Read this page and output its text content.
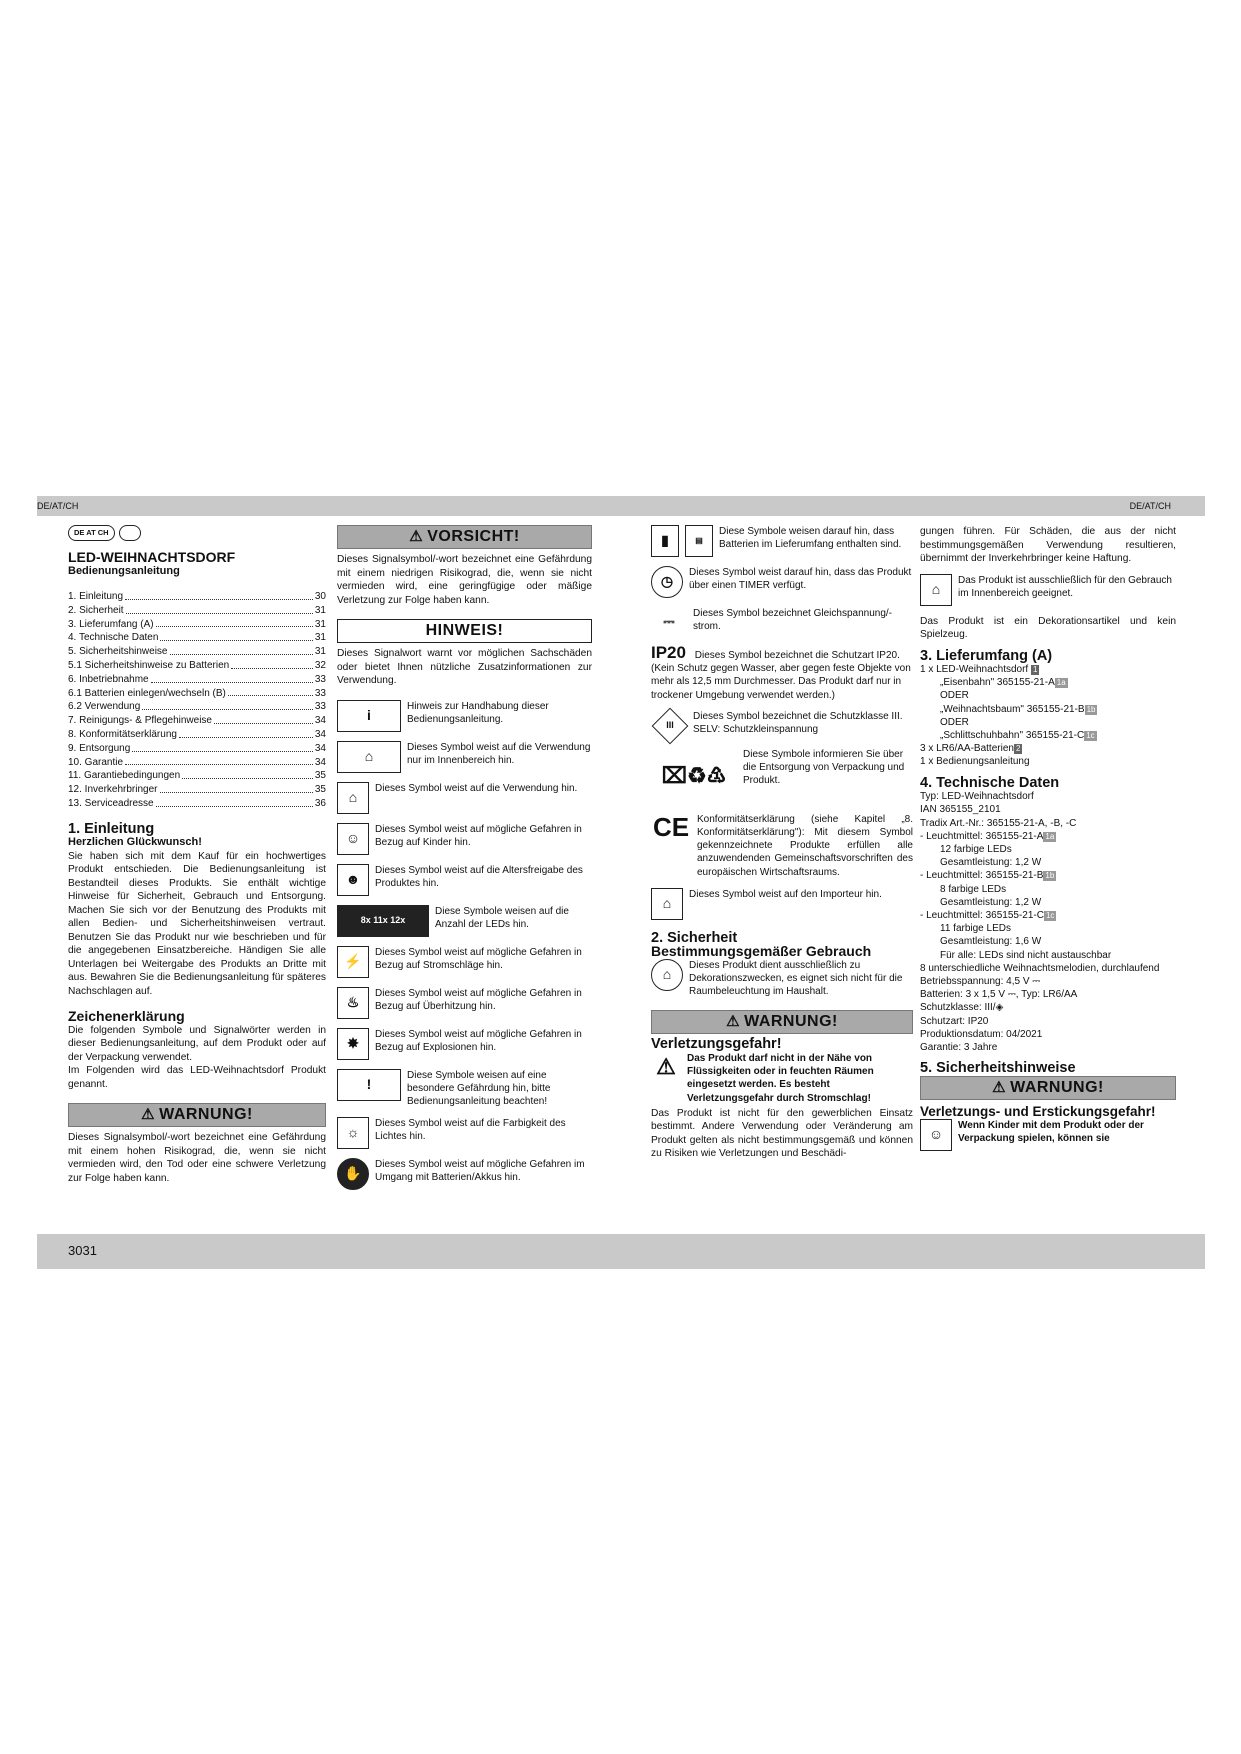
DE/AT/CH	DE/AT/CH
3031
DE AT CH
LED-WEIHNACHTSDORF
Bedienungsanleitung
1. Einleitung	30
2. Sicherheit	31
3. Lieferumfang (A)	31
4. Technische Daten	31
5. Sicherheitshinweise	31
5.1 Sicherheitshinweise zu Batterien	32
6. Inbetriebnahme	33
6.1 Batterien einlegen/wechseln (B)	33
6.2 Verwendung	33
7. Reinigungs- & Pflegehinweise	34
8. Konformitätserklärung	34
9. Entsorgung	34
10. Garantie	34
11. Garantiebedingungen	35
12. Inverkehrbringer	35
13. Serviceadresse	36
1. Einleitung
Herzlichen Glückwunsch!

Sie haben sich mit dem Kauf für ein hochwertiges Produkt entschieden. Die Bedienungsanleitung ist Bestandteil dieses Produkts. Sie enthält wichtige Hinweise für Sicherheit, Gebrauch und Entsorgung. Machen Sie sich vor der Benutzung des Produkts mit allen Bedien- und Sicherheitshinweisen vertraut. Benutzen Sie das Produkt nur wie beschrieben und für die angegebenen Einsatzbereiche. Händigen Sie alle Unterlagen bei Weitergabe des Produkts an Dritte mit aus. Bewahren Sie die Bedienungsanleitung für späteres Nachschlagen auf.

Zeichenerklärung

Die folgenden Symbole und Signalwörter werden in dieser Bedienungsanleitung, auf dem Produkt oder auf der Verpackung verwendet.

Im Folgenden wird das LED-Weihnachtsdorf Produkt genannt.

⚠ WARNUNG!

Dieses Signalsymbol/-wort bezeichnet eine Gefährdung mit einem hohen Risikograd, die, wenn sie nicht vermieden wird, den Tod oder eine schwere Verletzung zur Folge haben kann.

⚠ VORSICHT!

Dieses Signalsymbol/-wort bezeichnet eine Gefährdung mit einem niedrigen Risikograd, die, wenn sie nicht vermieden wird, eine geringfügige oder mäßige Verletzung zur Folge haben kann.

HINWEIS!

Dieses Signalwort warnt vor möglichen Sachschäden oder bietet Ihnen nützliche Zusatzinformationen zur Verwendung.

i
Hinweis zur Handhabung dieser Bedienungsanleitung.
⌂
Dieses Symbol weist auf die Verwendung nur im Innenbereich hin.
⌂
Dieses Symbol weist auf die Verwendung hin.
☺
Dieses Symbol weist auf mögliche Gefahren in Bezug auf Kinder hin.
☻
Dieses Symbol weist auf die Altersfreigabe des Produktes hin.
8x 11x 12x
Diese Symbole weisen auf die Anzahl der LEDs hin.
⚡
Dieses Symbol weist auf mögliche Gefahren in Bezug auf Stromschläge hin.
♨
Dieses Symbol weist auf mögliche Gefahren in Bezug auf Überhitzung hin.
✸
Dieses Symbol weist auf mögliche Gefahren in Bezug auf Explosionen hin.
!
Diese Symbole weisen auf eine besondere Gefährdung hin, bitte Bedienungsanleitung beachten!
☼
Dieses Symbol weist auf die Farbigkeit des Lichtes hin.
✋
Dieses Symbol weist auf mögliche Gefahren im Umgang mit Batterien/Akkus hin.
▮	▤
Diese Symbole weisen darauf hin, dass Batterien im Lieferumfang enthalten sind.
◷
Dieses Symbol weist darauf hin, dass das Produkt über einen TIMER verfügt.
⎓	Dieses Symbol bezeichnet Gleichspannung/-strom.
IP20 Dieses Symbol bezeichnet die Schutzart IP20. (Kein Schutz gegen Wasser, aber gegen feste Objekte von mehr als 12,5 mm Durchmesser. Das Produkt darf nur in trockener Umgebung verwendet werden.)
III
Dieses Symbol bezeichnet die Schutzklasse III. SELV: Schutzkleinspannung
⌧♻♳
Diese Symbole informieren Sie über die Entsorgung von Verpackung und Produkt.
CE Konformitätserklärung (siehe Kapitel „8. Konformitätserklärung"): Mit diesem Symbol gekennzeichnete Produkte erfüllen alle anzuwendenden Gemeinschaftsvorschriften des europäischen Wirtschaftsraums.
⌂
Dieses Symbol weist auf den Importeur hin.
2. Sicherheit
Bestimmungsgemäßer Gebrauch
⌂
Dieses Produkt dient ausschließlich zu Dekorationszwecken, es eignet sich nicht für die Raumbeleuchtung im Haushalt.
⚠ WARNUNG!
Verletzungsgefahr!
⚠	Das Produkt darf nicht in der Nähe von Flüssigkeiten oder in feuchten Räumen eingesetzt werden. Es besteht Verletzungsgefahr durch Stromschlag!

Das Produkt ist nicht für den gewerblichen Einsatz bestimmt. Andere Verwendung oder Veränderung am Produkt gelten als nicht bestimmungsgemäß und können zu Risiken wie Verletzungen und Beschädi-

gungen führen. Für Schäden, die aus der nicht bestimmungsgemäßen Verwendung resultieren, übernimmt der Inverkehrbringer keine Haftung.

⌂
Das Produkt ist ausschließlich für den Gebrauch im Innenbereich geeignet.

Das Produkt ist ein Dekorationsartikel und kein Spielzeug.

3. Lieferumfang (A)
1 x LED-Weihnachtsdorf 1
„Eisenbahn" 365155-21-A 1a
ODER
„Weihnachtsbaum" 365155-21-B 1b
ODER
„Schlittschuhbahn" 365155-21-C 1c
3 x LR6/AA-Batterien 2
1 x Bedienungsanleitung
4. Technische Daten
Typ: LED-Weihnachtsdorf
IAN 365155_2101
Tradix Art.-Nr.: 365155-21-A, -B, -C
- Leuchtmittel: 365155-21-A 1a
12 farbige LEDs
Gesamtleistung: 1,2 W
- Leuchtmittel: 365155-21-B 1b
8 farbige LEDs
Gesamtleistung: 1,2 W
- Leuchtmittel: 365155-21-C 1c
11 farbige LEDs
Gesamtleistung: 1,6 W
Für alle: LEDs sind nicht austauschbar
8 unterschiedliche Weihnachtsmelodien, durchlaufend
Betriebsspannung: 4,5 V ⎓
Batterien: 3 x 1,5 V ⎓, Typ: LR6/AA
Schutzklasse: III/◈
Schutzart: IP20
Produktionsdatum: 04/2021
Garantie: 3 Jahre
5. Sicherheitshinweise
⚠ WARNUNG!
Verletzungs- und Erstickungsgefahr!
☺
Wenn Kinder mit dem Produkt oder der Verpackung spielen, können sie
